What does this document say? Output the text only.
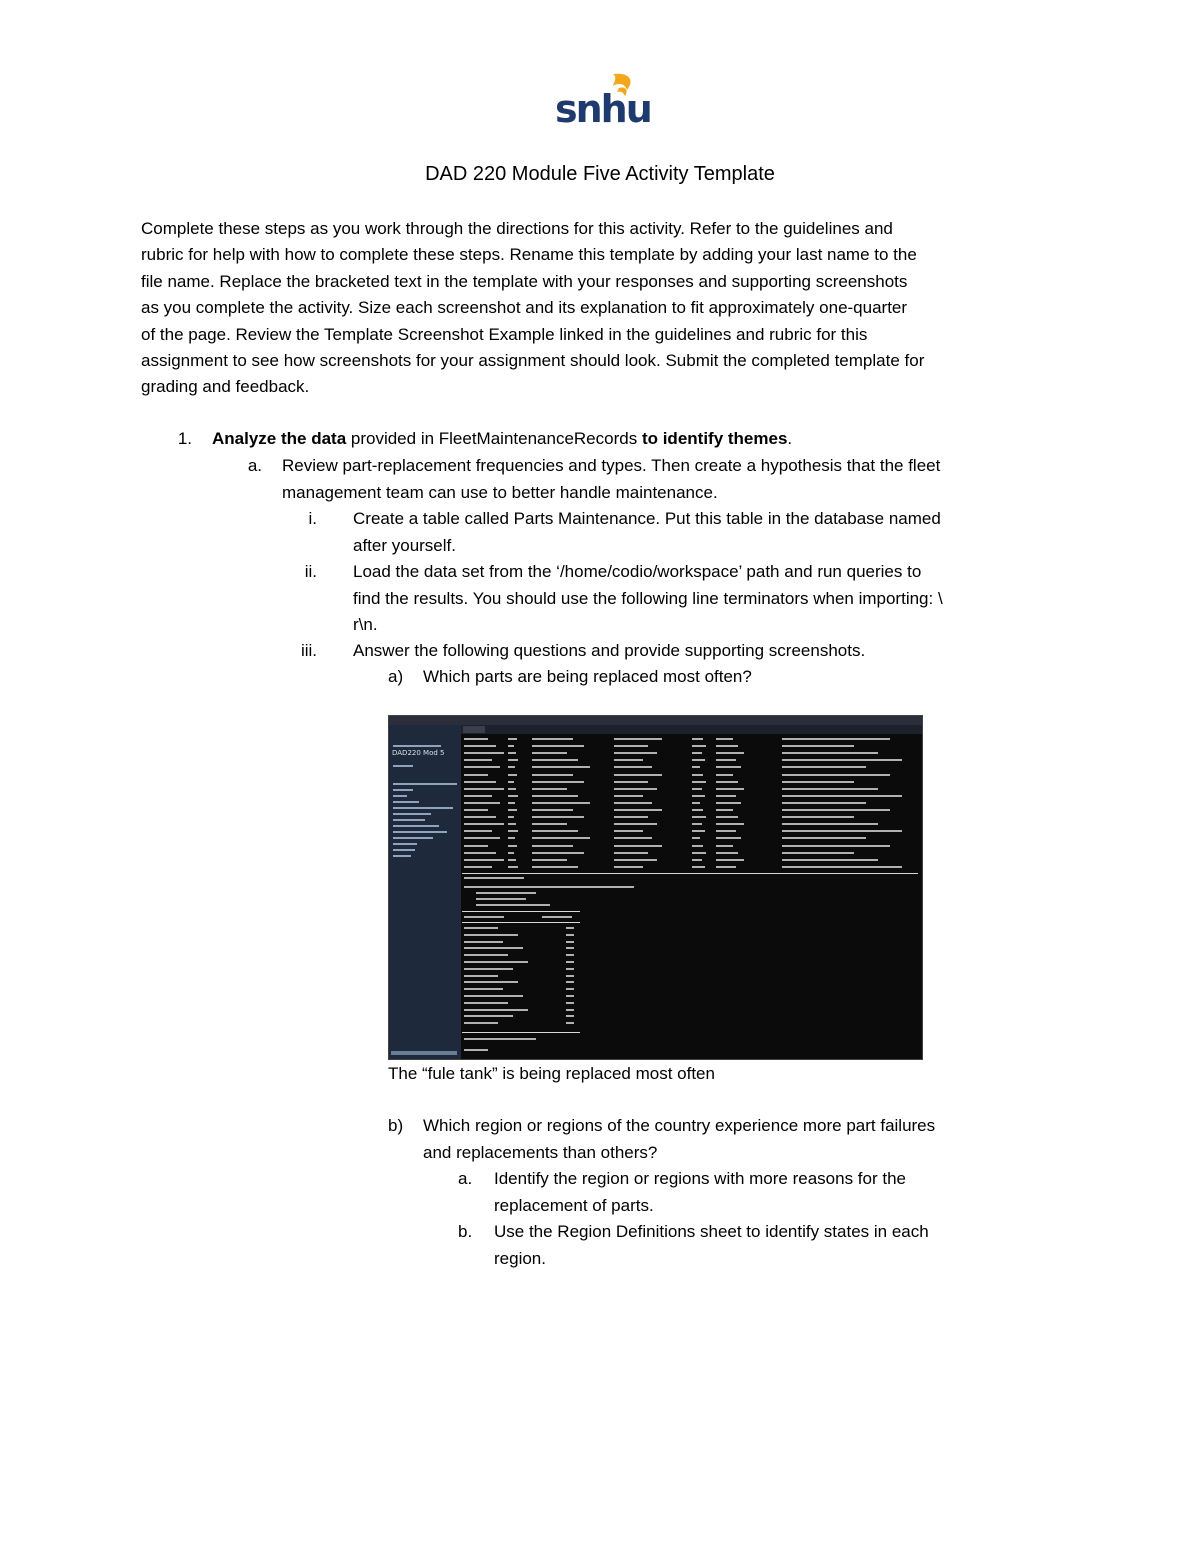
snhu
DAD 220 Module Five Activity Template
Complete these steps as you work through the directions for this activity. Refer to the guidelines and
rubric for help with how to complete these steps. Rename this template by adding your last name to the
file name. Replace the bracketed text in the template with your responses and supporting screenshots
as you complete the activity. Size each screenshot and its explanation to fit approximately one-quarter
of the page. Review the Template Screenshot Example linked in the guidelines and rubric for this
assignment to see how screenshots for your assignment should look. Submit the completed template for
grading and feedback.
1. Analyze the data provided in FleetMaintenanceRecords to identify themes.
a. Review part-replacement frequencies and types. Then create a hypothesis that the fleet
management team can use to better handle maintenance.
i. Create a table called Parts Maintenance. Put this table in the database named
after yourself.
ii. Load the data set from the ‘/home/codio/workspace’ path and run queries to
find the results. You should use the following line terminators when importing: \
r\n.
iii. Answer the following questions and provide supporting screenshots.
a) Which parts are being replaced most often?
DAD220 Mod 5
The “fule tank” is being replaced most often
b) Which region or regions of the country experience more part failures
and replacements than others?
a. Identify the region or regions with more reasons for the
replacement of parts.
b. Use the Region Definitions sheet to identify states in each
region.
